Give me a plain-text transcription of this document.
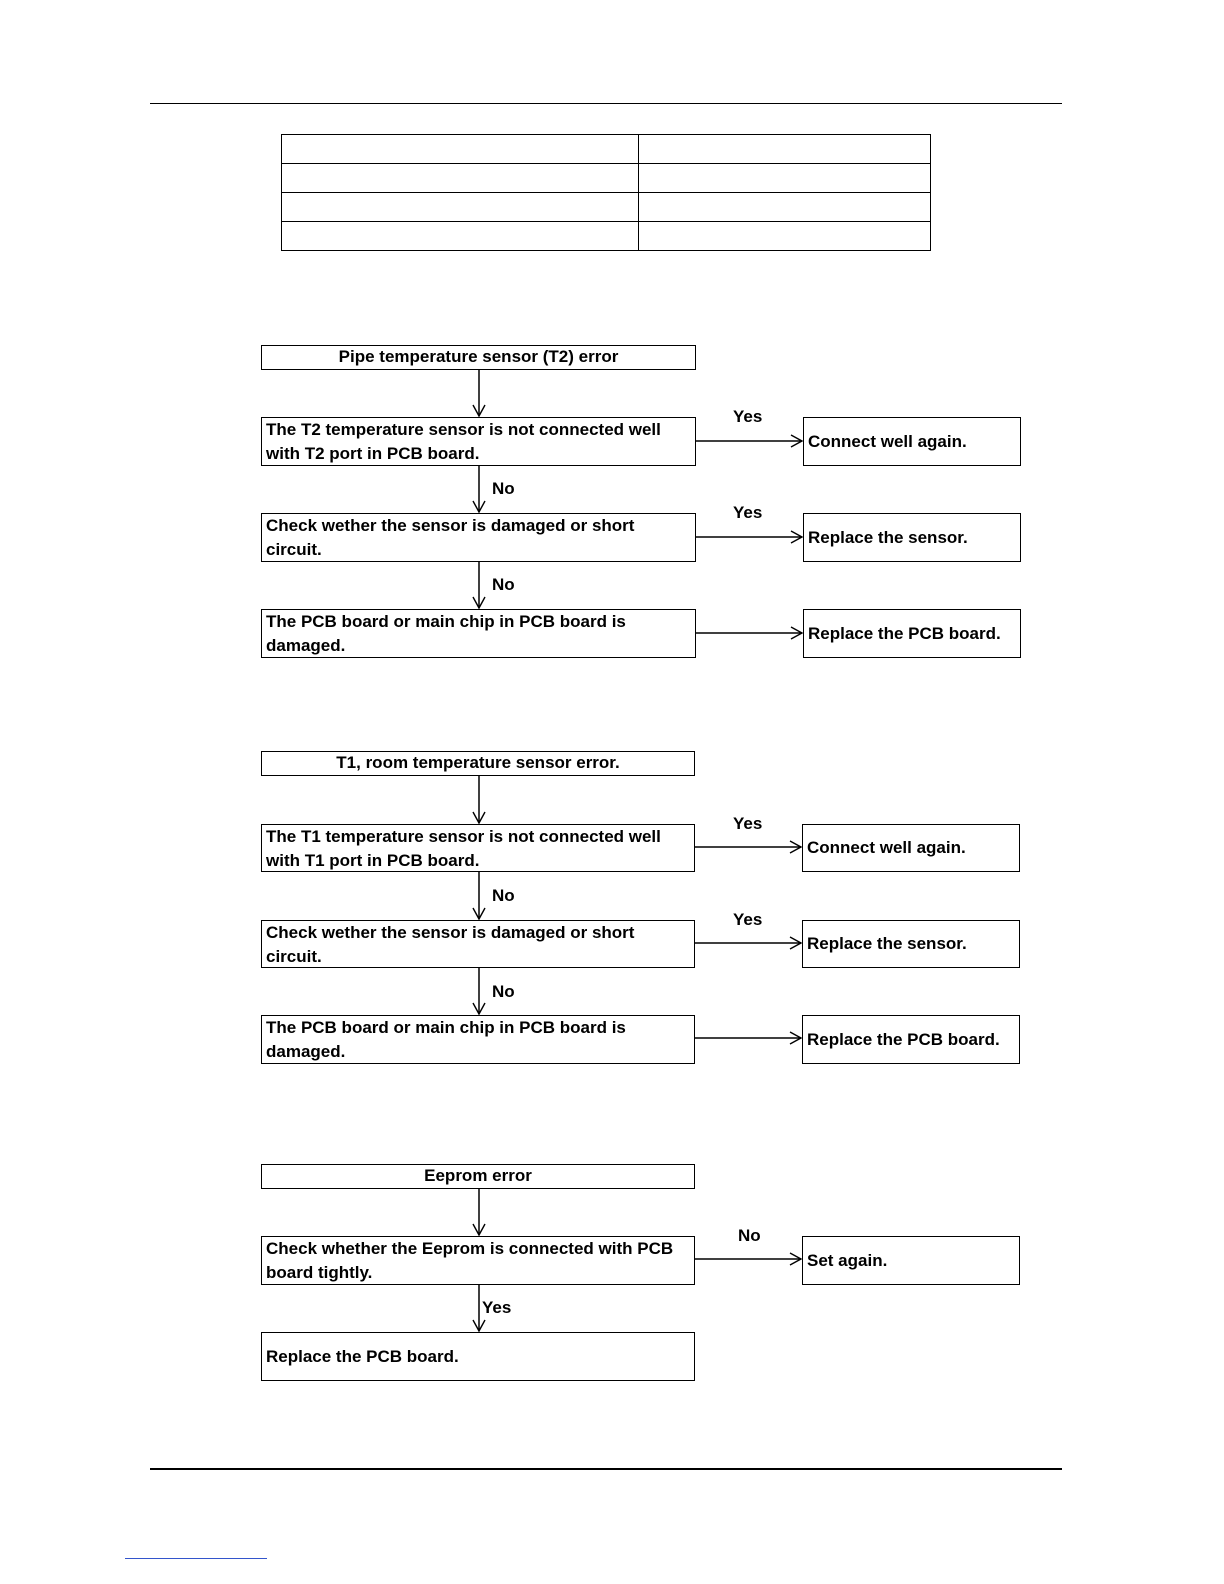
Pipe temperature sensor (T2) error
The T2 temperature sensor is not connected well with T2 port in PCB board.
Connect well again.
Yes
No
Check wether the sensor is damaged or short circuit.
Replace the sensor.
Yes
No
The PCB board or main chip in PCB board is damaged.
Replace the PCB board.
T1, room temperature sensor error.
The T1 temperature sensor is not connected well with T1 port in PCB board.
Connect well again.
Yes
No
Check wether the sensor is damaged or short circuit.
Replace the sensor.
Yes
No
The PCB board or main chip in PCB board is damaged.
Replace the PCB board.
Eeprom error
Check whether the Eeprom is connected with PCB board tightly.
Set again.
No
Yes
Replace the PCB board.
